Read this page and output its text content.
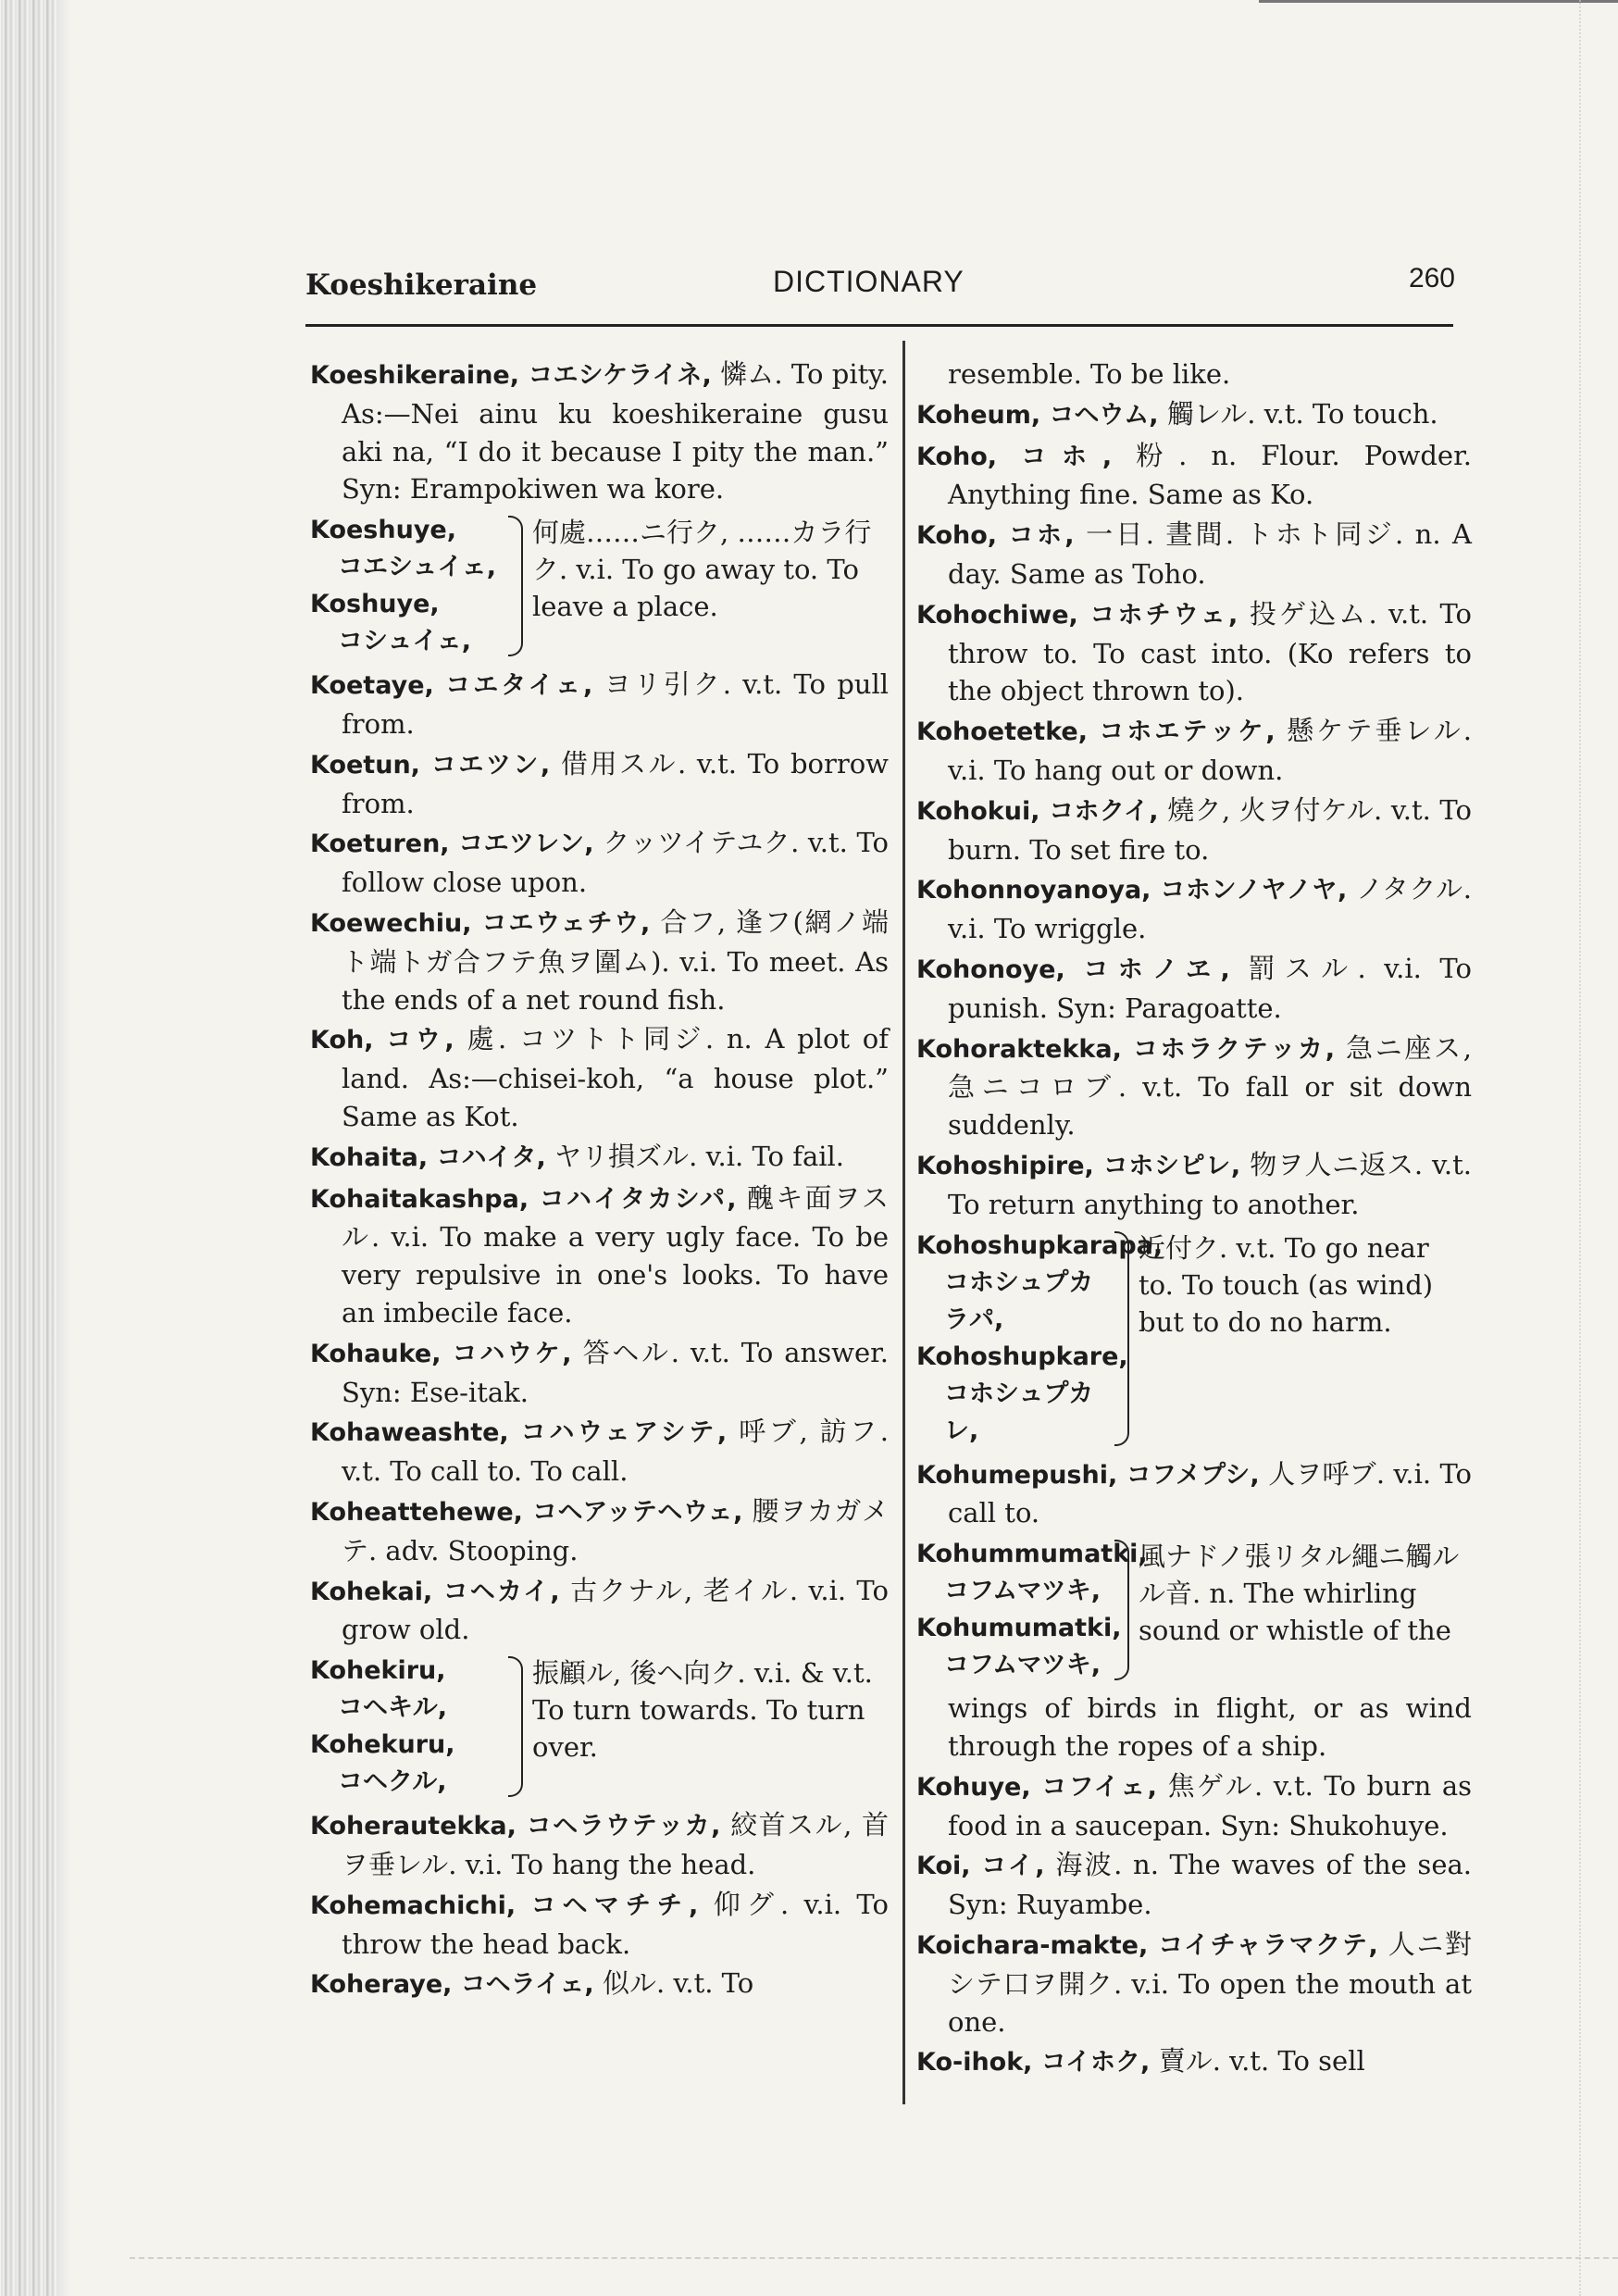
Koeshikeraine	DICTIONARY	260
Koeshikeraine, コエシケライネ, 憐ム. To pity. As:—Nei ainu ku koeshikeraine gusu aki na, “I do it because I pity the man.” Syn: Erampokiwen wa kore.
Koeshuye,
コエシュイェ,
Koshuye,
コシュイェ,
何處……ニ行ク, ……カラ行ク. v.i. To go away to. To leave a place.
Koetaye, コエタイェ, ヨリ引ク. v.t. To pull from.
Koetun, コエツン, 借用スル. v.t. To borrow from.
Koeturen, コエツレン, クッツイテユク. v.t. To follow close upon.
Koewechiu, コエウェチウ, 合フ, 逢フ(網ノ端ト端トガ合フテ魚ヲ圍ム). v.i. To meet. As the ends of a net round fish.
Koh, コウ, 處. コツトト同ジ. n. A plot of land. As:—chisei-koh, “a house plot.” Same as Kot.
Kohaita, コハイタ, ヤリ損ズル. v.i. To fail.
Kohaitakashpa, コハイタカシパ, 醜キ面ヲスル. v.i. To make a very ugly face. To be very repulsive in one's looks. To have an imbecile face.
Kohauke, コハウケ, 答ヘル. v.t. To answer. Syn: Ese-itak.
Kohaweashte, コハウェアシテ, 呼ブ, 訪フ. v.t. To call to. To call.
Koheattehewe, コヘアッテヘウェ, 腰ヲカガメテ. adv. Stooping.
Kohekai, コヘカイ, 古クナル, 老イル. v.i. To grow old.
Kohekiru,
コヘキル,
Kohekuru,
コヘクル,
振顧ル, 後ヘ向ク. v.i. & v.t. To turn towards. To turn over.
Koherautekka, コヘラウテッカ, 絞首スル, 首ヲ垂レル. v.i. To hang the head.
Kohemachichi, コヘマチチ, 仰グ. v.i. To throw the head back.
Koheraye, コヘライェ, 似ル. v.t. To
resemble. To be like.
Koheum, コヘウム, 觸レル. v.t. To touch.
Koho, コホ, 粉. n. Flour. Powder. Anything fine. Same as Ko.
Koho, コホ, 一日. 晝間. トホト同ジ. n. A day. Same as Toho.
Kohochiwe, コホチウェ, 投ゲ込ム. v.t. To throw to. To cast into. (Ko refers to the object thrown to).
Kohoetetke, コホエテッケ, 懸ケテ垂レル. v.i. To hang out or down.
Kohokui, コホクイ, 燒ク, 火ヲ付ケル. v.t. To burn. To set fire to.
Kohonnoyanoya, コホンノヤノヤ, ノタクル. v.i. To wriggle.
Kohonoye, コホノヱ, 罰スル. v.i. To punish. Syn: Paragoatte.
Kohoraktekka, コホラクテッカ, 急ニ座ス, 急ニコロブ. v.t. To fall or sit down suddenly.
Kohoshipire, コホシピレ, 物ヲ人ニ返ス. v.t. To return anything to another.
Kohoshupkarapa,
コホシュプカラパ,
Kohoshupkare,
コホシュプカレ,
近付ク. v.t. To go near to. To touch (as wind) but to do no harm.
Kohumepushi, コフメプシ, 人ヲ呼ブ. v.i. To call to.
Kohummumatki,
コフムマツキ,
Kohumumatki,
コフムマツキ,
風ナドノ張リタル繩ニ觸ルル音. n. The whirling sound or whistle of the
wings of birds in flight, or as wind through the ropes of a ship.
Kohuye, コフイェ, 焦ゲル. v.t. To burn as food in a saucepan. Syn: Shukohuye.
Koi, コイ, 海波. n. The waves of the sea. Syn: Ruyambe.
Koichara-makte, コイチャラマクテ, 人ニ對シテ口ヲ開ク. v.i. To open the mouth at one.
Ko-ihok, コイホク, 賣ル. v.t. To sell
